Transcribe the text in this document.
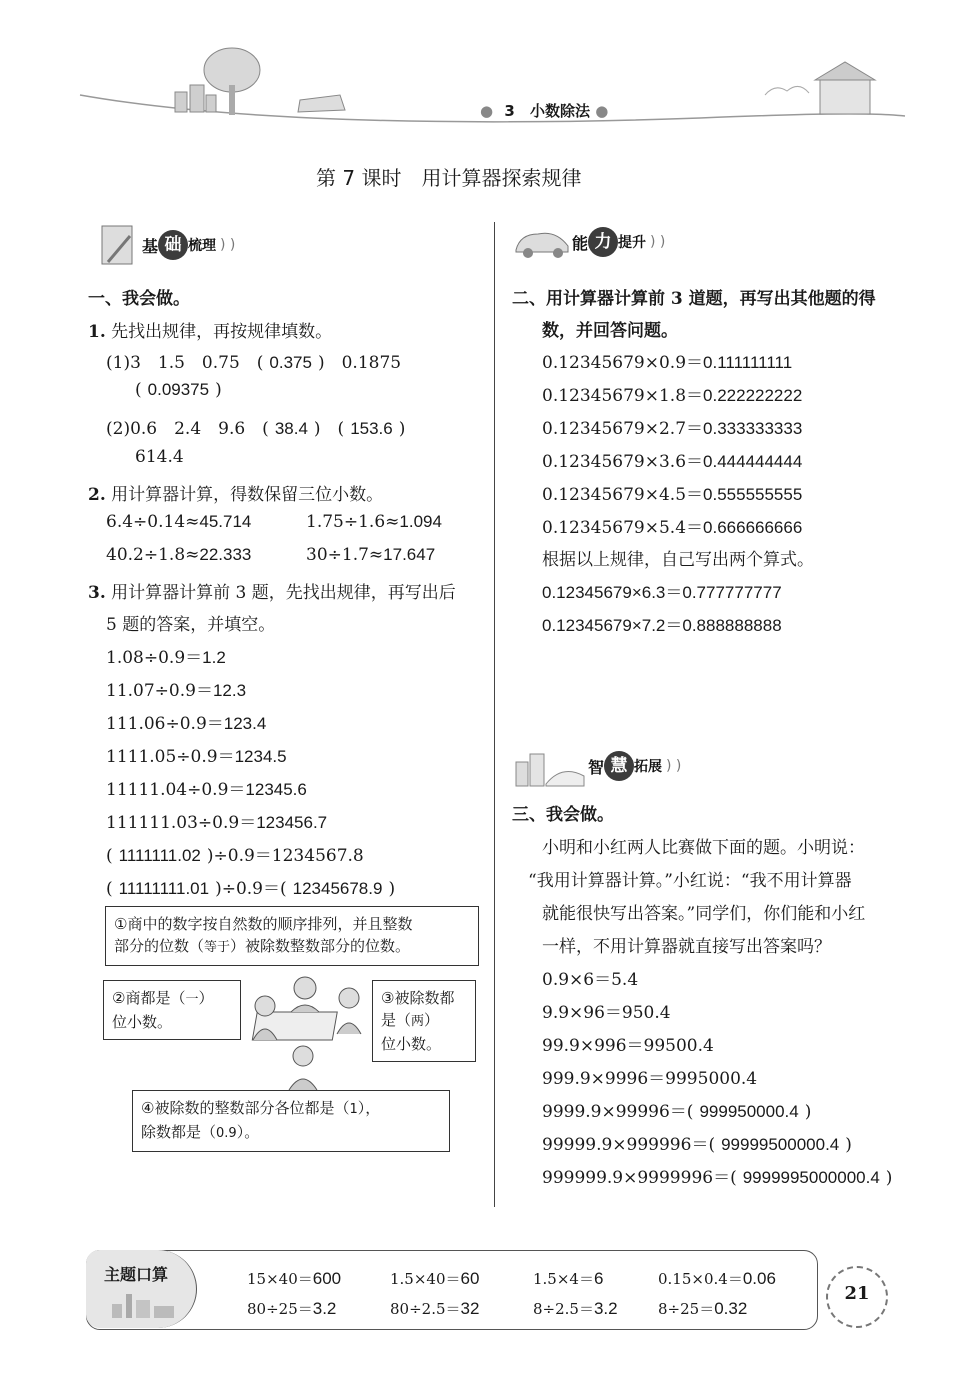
● 3 小数除法 ●
第 7 课时　用计算器探索规律
基 础 梳理 ) )
一、我会做。
1. 先找出规律，再按规律填数。
(1)3　1.5　0.75　( 0.375 )　0.1875
( 0.09375 )
(2)0.6　2.4　9.6　( 38.4 )　( 153.6 )
614.4
2. 用计算器计算，得数保留三位小数。
6.4÷0.14≈45.714	1.75÷1.6≈1.094
40.2÷1.8≈22.333	30÷1.7≈17.647
3. 用计算器计算前 3 题，先找出规律，再写出后
5 题的答案，并填空。
1.08÷0.9＝1.2
11.07÷0.9＝12.3
111.06÷0.9＝123.4
1111.05÷0.9＝1234.5
11111.04÷0.9＝12345.6
111111.03÷0.9＝123456.7
( 1111111.02 )÷0.9＝1234567.8
( 11111111.01 )÷0.9＝( 12345678.9 )
①商中的数字按自然数的顺序排列，并且整数
部分的位数（等于）被除数整数部分的位数。
②商都是（一）
位小数。
③被除数都
是（两）
位小数。
④被除数的整数部分各位都是（1），
除数都是（0.9）。
能 力 提升 ) )
二、用计算器计算前 3 道题，再写出其他题的得
数，并回答问题。
0.12345679×0.9＝0.111111111
0.12345679×1.8＝0.222222222
0.12345679×2.7＝0.333333333
0.12345679×3.6＝0.444444444
0.12345679×4.5＝0.555555555
0.12345679×5.4＝0.666666666
根据以上规律，自己写出两个算式。
0.12345679×6.3＝0.777777777
0.12345679×7.2＝0.888888888
智 慧 拓展 ) )
三、我会做。
小明和小红两人比赛做下面的题。小明说：
“我用计算器计算。”小红说：“我不用计算器
就能很快写出答案。”同学们，你们能和小红
一样，不用计算器就直接写出答案吗？
0.9×6＝5.4
9.9×96＝950.4
99.9×996＝99500.4
999.9×9996＝9995000.4
9999.9×99996＝( 999950000.4 )
99999.9×999996＝( 99999500000.4 )
999999.9×9999996＝( 9999995000000.4 )
主题口算	15×40＝600	1.5×40＝60	1.5×4＝6	0.15×0.4＝0.06
80÷25＝3.2	80÷2.5＝32	8÷2.5＝3.2	8÷25＝0.32
21
